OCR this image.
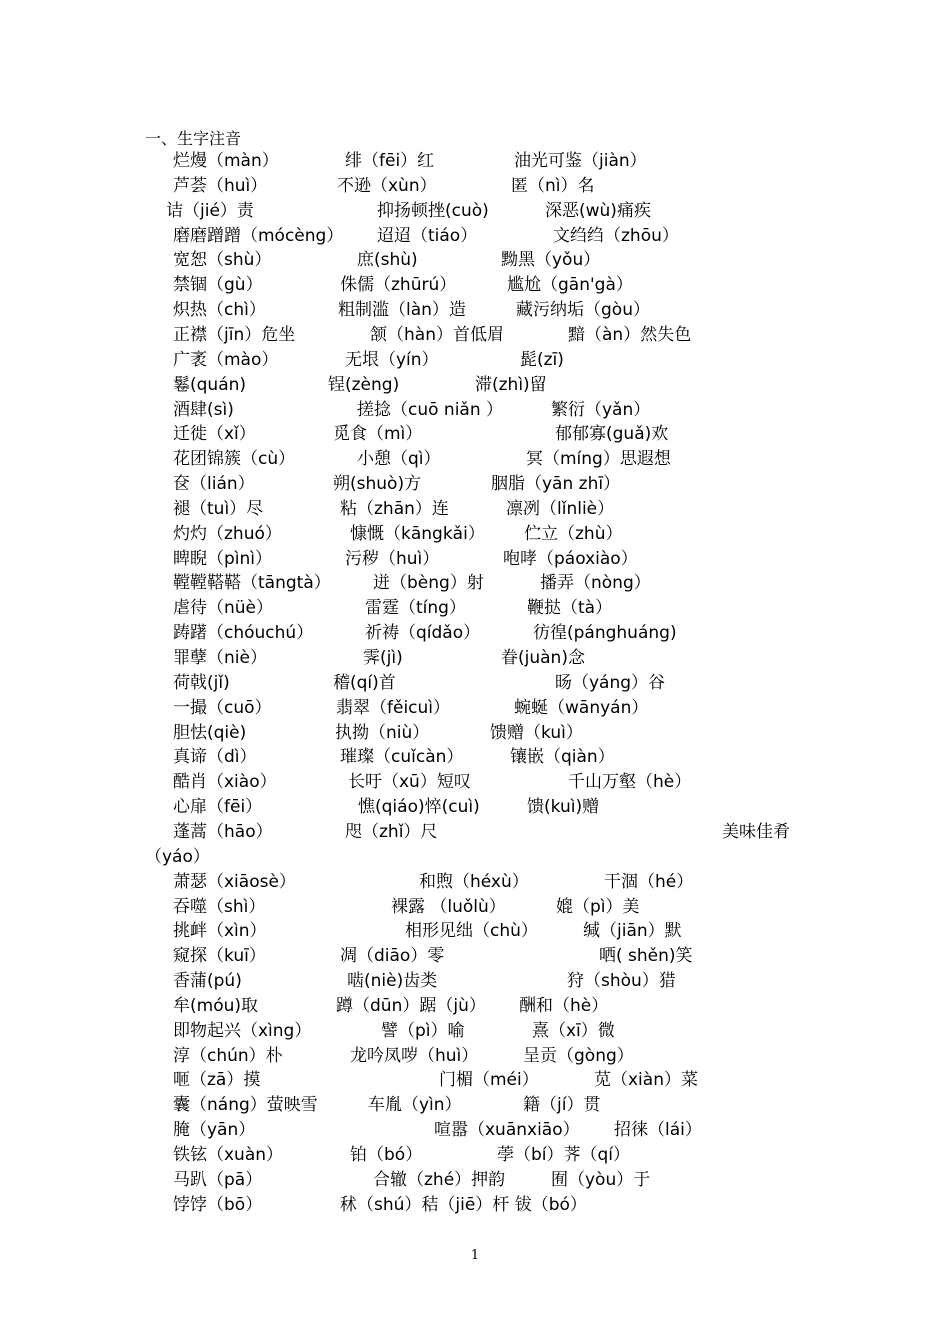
一、生字注音
烂熳（màn）	绯（fēi）红	油光可鉴（jiàn）
芦荟（huì）	不逊（xùn）	匿（nì）名
诘（jié）责	抑扬顿挫(cuò)	深恶(wù)痛疾
磨磨蹭蹭（mócèng） 迢迢（tiáo）	文绉绉（zhōu）
宽恕（shù）	庶(shù)	黝黑（yǒu）
禁锢（gù）	侏儒（zhūrú）	尴尬（gān'gà）
炽热（chì）	粗制滥（làn）造	藏污纳垢（gòu）
正襟（jīn）危坐	颔（hàn）首低眉	黯（àn）然失色
广袤（mào）	无垠（yín）	髭(zī)
鬈(quán)	锃(zèng)	滞(zhì)留
酒肆(sì)	搓捻（cuō niǎn ）	繁衍（yǎn）
迁徙（xǐ）	觅食（mì）	郁郁寡(guǎ)欢
花团锦簇（cù）	小憩（qì）	冥（míng）思遐想
奁（lián）	朔(shuò)方	胭脂（yān zhī）
褪（tuì）尽	粘（zhān）连	凛冽（lǐnliè）
灼灼（zhuó）	慷慨（kāngkǎi） 伫立（zhù）
睥睨（pìnì）	污秽（huì）	咆哮（páoxiào）
鞺鞺鞳鞳（tāngtà） 迸（bèng）射	播弄（nòng）
虐待（nüè）	雷霆（tíng）	鞭挞（tà）
踌躇（chóuchú）	祈祷（qídǎo）	彷徨(pánghuáng)
罪孽（niè）	霁(jì)	眷(juàn)念
荷戟(jǐ)	稽(qí)首	旸（yáng）谷
一撮（cuō）	翡翠（fěicuì）	蜿蜒（wānyán）
胆怯(qiè)	执拗（niù）	馈赠（kuì）
真谛（dì）	璀璨（cuǐcàn）	镶嵌（qiàn）
酷肖（xiào）	长吁（xū）短叹	千山万壑（hè）
心扉（fēi）	憔(qiáo)悴(cuì)	馈(kuì)赠
蓬蒿（hāo）	咫（zhǐ）尺	美味佳肴
（yáo）
萧瑟（xiāosè）	和煦（héxù）	干涸（hé）
吞噬（shì）	裸露 （luǒlù）	媲（pì）美
挑衅（xìn）	相形见绌（chù）	缄（jiān）默
窥探（kuī）	凋（diāo）零	哂( shěn)笑
香蒲(pú)	啮(niè)齿类	狩（shòu）猎
牟(móu)取	蹲（dūn）踞（jù） 酬和（hè）
即物起兴（xìng）	譬（pì）喻	熹（xī）微
淳（chún）朴	龙吟凤哕（huì）	呈贡（gòng）
咂（zā）摸	门楣（méi）	苋（xiàn）菜
囊（náng）萤映雪	车胤（yìn）	籍（jí）贯
腌（yān）	喧嚣（xuānxiāo） 招徕（lái）
铁铉（xuàn）	铂（bó）	荸（bí）荠（qí）
马趴（pā）	合辙（zhé）押韵	囿（yòu）于
饽饽（bō）	秫（shú）秸（jiē）杆 钹（bó）
1
